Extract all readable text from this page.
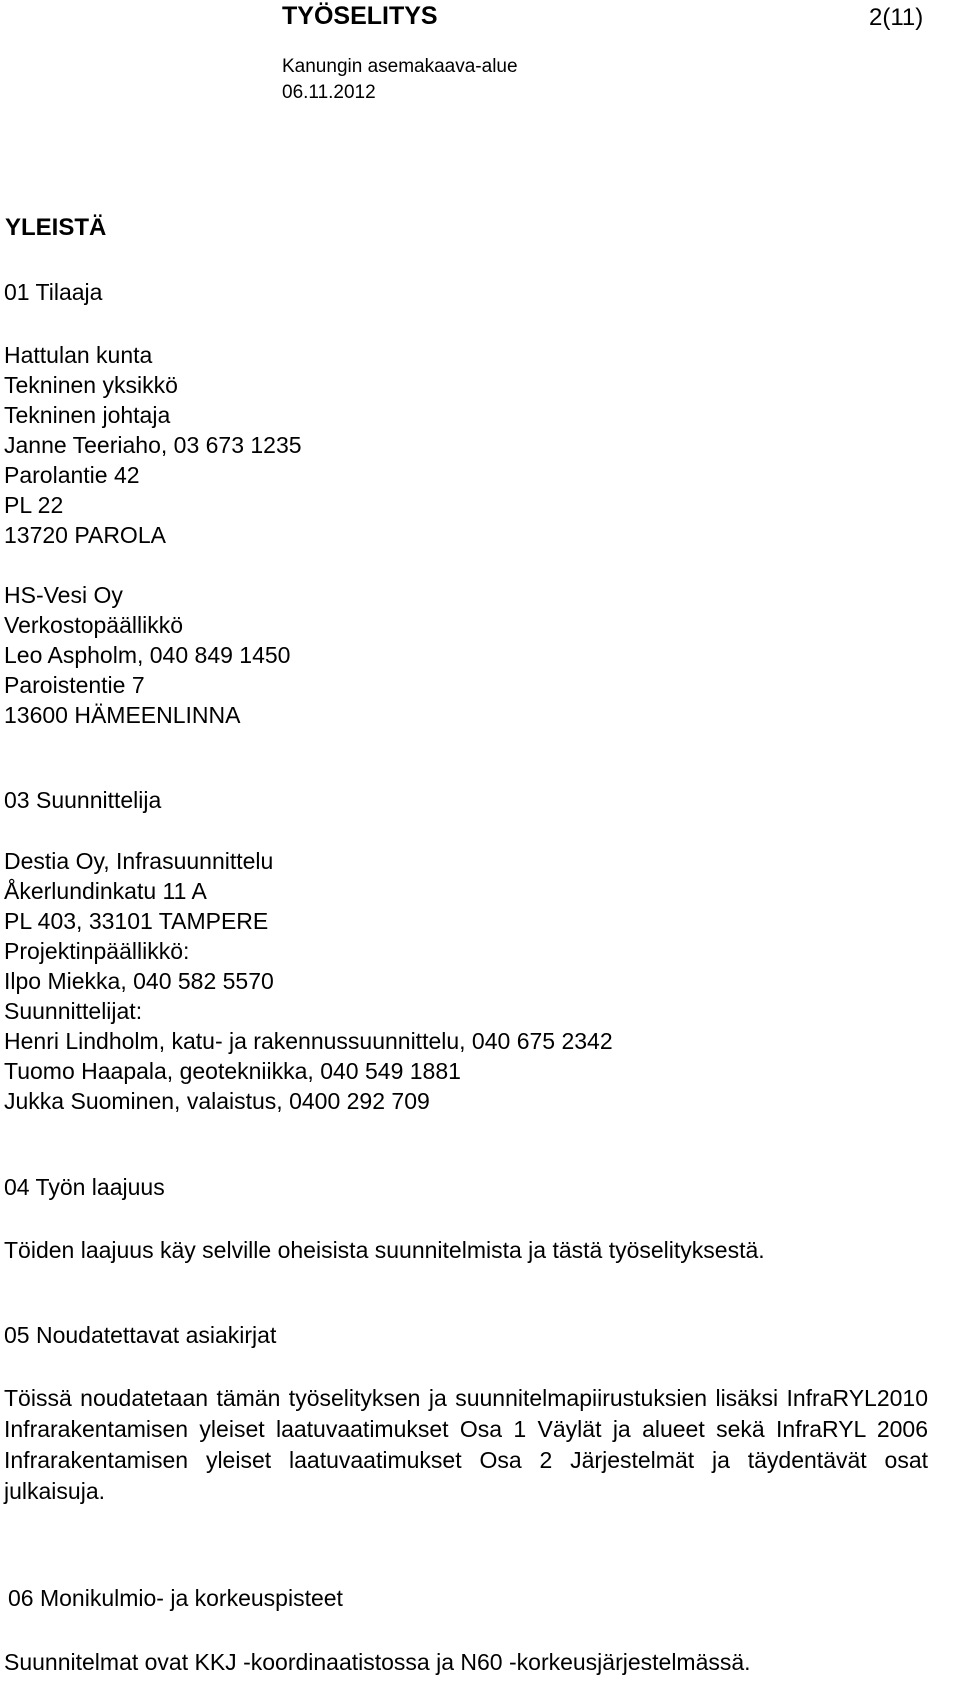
TYÖSELITYS	2(11)
Kanungin asemakaava-alue
06.11.2012
YLEISTÄ
01 Tilaaja
Hattulan kunta
Tekninen yksikkö
Tekninen johtaja
Janne Teeriaho, 03 673 1235
Parolantie 42
PL 22
13720 PAROLA
HS-Vesi Oy
Verkostopäällikkö
Leo Aspholm, 040 849 1450
Paroistentie 7
13600 HÄMEENLINNA
03 Suunnittelija
Destia Oy, Infrasuunnittelu
Åkerlundinkatu 11 A
PL 403, 33101 TAMPERE
Projektinpäällikkö:
Ilpo Miekka, 040 582 5570
Suunnittelijat:
Henri Lindholm, katu- ja rakennussuunnittelu, 040 675 2342
Tuomo Haapala, geotekniikka, 040 549 1881
Jukka Suominen, valaistus, 0400 292 709
04 Työn laajuus
Töiden laajuus käy selville oheisista suunnitelmista ja tästä työselityksestä.
05 Noudatettavat asiakirjat
Töissä noudatetaan tämän työselityksen ja suunnitelmapiirustuksien lisäksi InfraRYL2010 Infrarakentamisen yleiset laatuvaatimukset Osa 1 Väylät ja alueet sekä InfraRYL 2006 Infrarakentamisen yleiset laatuvaatimukset Osa 2 Järjestelmät ja täydentävät osat julkaisuja.
06 Monikulmio- ja korkeuspisteet
Suunnitelmat ovat KKJ -koordinaatistossa ja N60 -korkeusjärjestelmässä.
